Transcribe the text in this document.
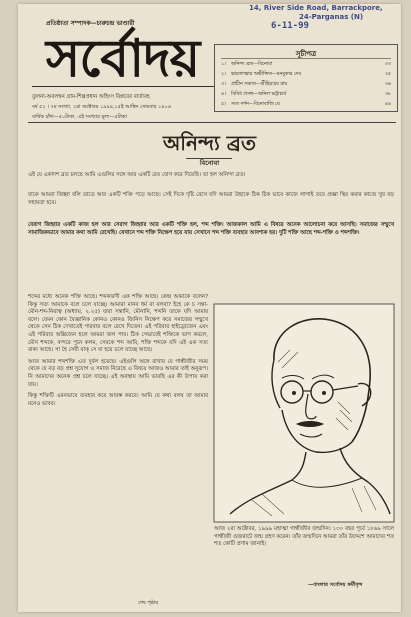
14, River Side Road, Barrackpore,
24-Parganas (N)
6-11-99
প্রতিষ্ঠাতা সম্পাদক—চারুচন্দ্র ভাণ্ডারী
সর্বোদয়
তুলনা-অবলম্বন গ্রাম-শিল্পপ্রধান অহিংস বিপ্লবের বার্তাবহ
বর্ষ ৫২ । ৭ম সংখ্যা, ২রা অক্টোবর ১৯৯৯,১৫ই আশ্বিন সোমবার ১৪০৬
বার্ষিক চাঁদা—৫০টাকা, এই সংখ্যার মূল্য—৫টাকা
সূচীপত্র
১। অনিন্দ্য ব্রত—বিনোবা	৩৩
২। ভারতাত্মার অভীপ্সিত—মনমুকার দেব	৩৫
৩। প্রাচীন সমাজ—শ্রীহিরণ্ময় রায়	৩৬
৪। বিবিধ প্রসঙ্গ—অনিল ভট্টাচার্য	৩৮
৫। সত্য দর্শন—বিনোবাজি যে	৪৪
অনিন্দ্য ব্রত
বিনোবা
এই যে একাদশ ব্রত চলছে আমি এগুলির সঙ্গে আর একটি ব্রত যোগ করে দিয়েছি। তা হল অনিন্দা ব্রত।
যাকে আমরা জিহ্বা বলি তাতে আর একটি শক্তি পড়ে আছে। সেই দিকে দৃষ্টি রেখে যদি আমরা উহাকে ঠিক ঠিক ভাবে কাজে লাগাই তবে প্রজ্ঞা স্থির করার কাজে খুব বড় সহায়তা হবে।
বেরাগ জিহ্বার একটি কাজ হল আর সেরাগ জিহ্বার আর একটি শক্তি হল, শব্দ শক্তি। আজকাল আমি এ বিষয়ে অনেক আলোচনা করে আসছি। সমাজের সম্মুখে সামাজিকভাবে আমার কথা আমি রেখেছি। যেখানে শব্দ শক্তি নিক্ষেপ হয়ে যায় সেখানে শব্দ শক্তি ব্যবহার আবশ্যক হয়। দুটি শক্তি আছে শব্দ-শক্তি ও শব্দশক্তি।
শব্দের মধ্যে অনেক শক্তি আছে। শব্দকারণী এক শক্তি আছে। কেন্দ্র আমাকে বলেন? কিন্তু সত্য আমাকে বলে চলে যাচ্ছে। আমারা মানব ধর্ম বা বলবা? ইহে কে চ সন্তা-মৌন-শব্দ-নিরাত্ব (অধ্যায়, ২.২৫) যারা সন্তানি, মৌনানি, শব্দনি তাকে যদি আমার বলে। যেমন কোন বৈজ্ঞানিক কোনও কোনও জিনিস নিক্ষেপ করে সমাজের সম্মুখে থেকে সেন ঠিক দেখাতেই পারবার বলে রেখে দিতেন। এই পরিবার হাইড্রোজেন এবং এই পরিবার অক্সিজেন হলে আমরা জল পাব। ঠিক সেভাবেই শক্তিকে ভাগ করলে, মৌন শব্দকে, বল্দরে পুনে কলম, সেরকে শব্দ আমি, শক্তি শব্দকে যদি এই এক সত্য বাক্য আছে। সা হৈ সেবী বাক্‌ সে যা হয়ে চলে যাচ্ছে আছে।
আজ আমার শব্দশক্তি এত দুর্বল হয়েছে। এইগুলি অঙ্গে রাখার যে গান্ধীজীর সময় থেকে যে বড় বড় প্রশ্ন সুযোগ ও সমাজ নিরেছে এ বিষয়ে আজও আমার তাই অনুরূপ। নি আমাদের অনেক প্রশ্ন চলে যাচ্ছে। এই অবস্থায় আমি ভাবছি এর কী উপায় করা যায়।
কিন্তু শক্তিটি এমনভাবে ব্যবহার করে আরম্ভ করবে। আমি যে কথা বলব তা আমার মনেও ভাবব।
আজ ২রা অক্টোবর, ১৯৯৯ মহাত্মা গান্ধীজীর জন্মদিন। ১৩০ বছর পূর্বে ১৮৬৯ সালে গান্ধীজী গুজরাটে জন্ম গ্রহণ করেন। তাঁর জন্মদিনে আমরা তাঁর উদ্দেশে আমাদের শত শত কোটি প্রণাম জানাই।
—বাংলার সর্বোদয় কর্মীবৃন্দ
শেষ পৃষ্ঠায়
